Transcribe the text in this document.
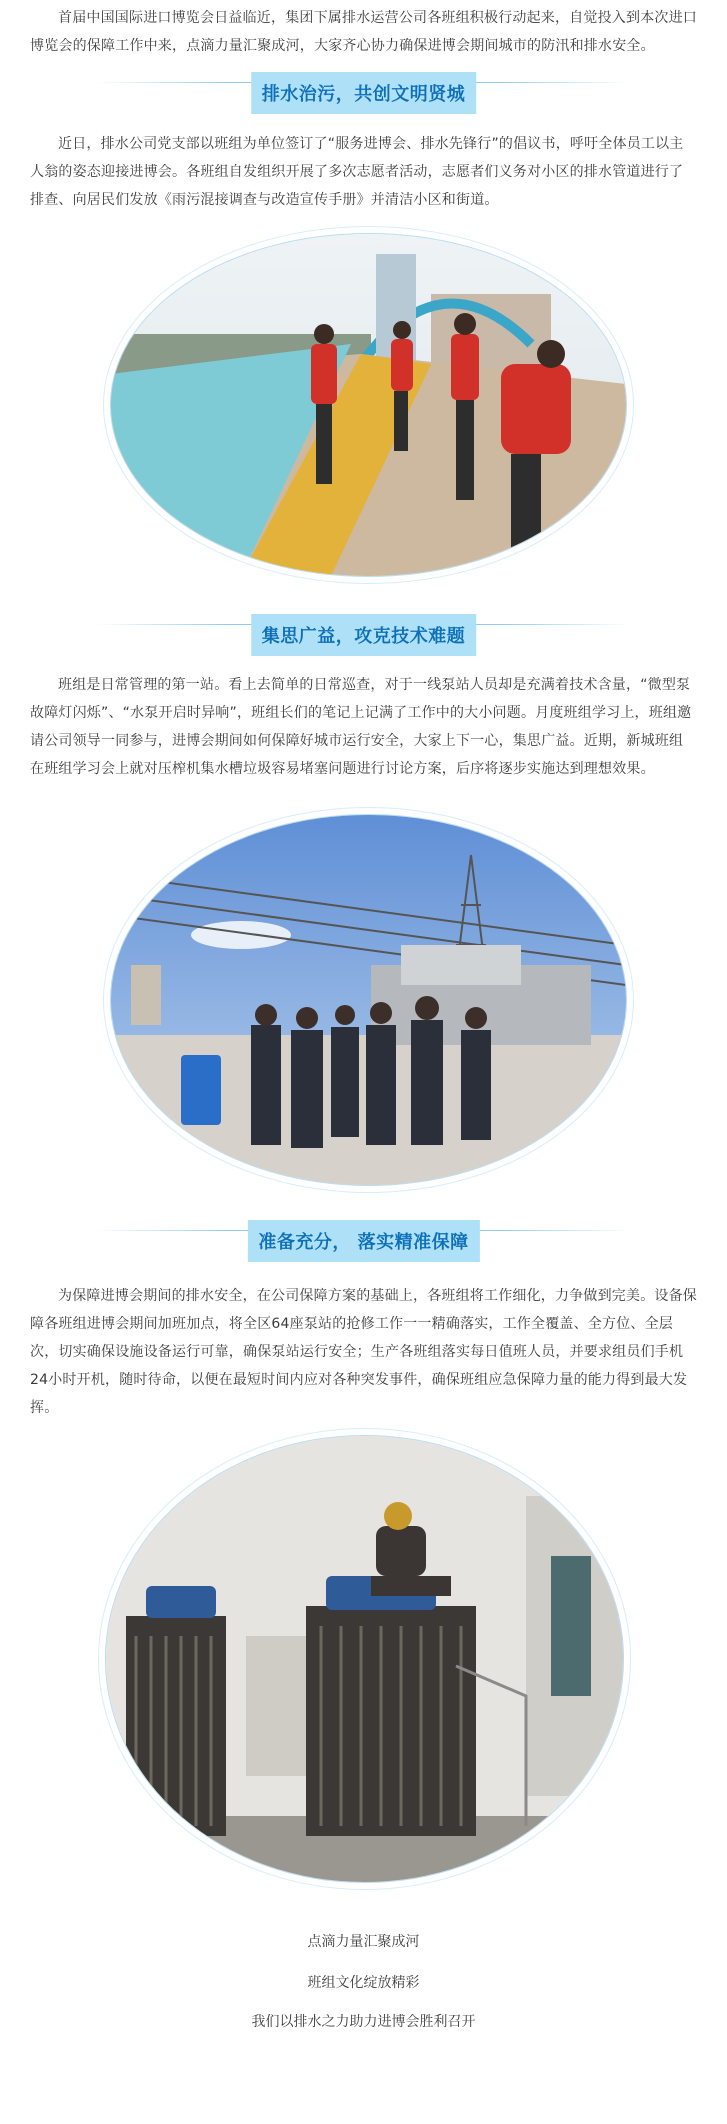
首届中国国际进口博览会日益临近，集团下属排水运营公司各班组积极行动起来，自觉投入到本次进口博览会的保障工作中来，点滴力量汇聚成河，大家齐心协力确保进博会期间城市的防汛和排水安全。

排水治污，共创文明贤城

近日，排水公司党支部以班组为单位签订了“服务进博会、排水先锋行”的倡议书，呼吁全体员工以主人翁的姿态迎接进博会。各班组自发组织开展了多次志愿者活动，志愿者们义务对小区的排水管道进行了排查、向居民们发放《雨污混接调查与改造宣传手册》并清洁小区和街道。

集思广益，攻克技术难题

班组是日常管理的第一站。看上去简单的日常巡查，对于一线泵站人员却是充满着技术含量，“微型泵故障灯闪烁”、“水泵开启时异响”，班组长们的笔记上记满了工作中的大小问题。月度班组学习上，班组邀请公司领导一同参与，进博会期间如何保障好城市运行安全，大家上下一心，集思广益。近期，新城班组在班组学习会上就对压榨机集水槽垃圾容易堵塞问题进行讨论方案，后序将逐步实施达到理想效果。

准备充分， 落实精准保障

为保障进博会期间的排水安全，在公司保障方案的基础上，各班组将工作细化，力争做到完美。设备保障各班组进博会期间加班加点，将全区64座泵站的抢修工作一一精确落实，工作全覆盖、全方位、全层次，切实确保设施设备运行可靠，确保泵站运行安全；生产各班组落实每日值班人员，并要求组员们手机24小时开机，随时待命，以便在最短时间内应对各种突发事件，确保班组应急保障力量的能力得到最大发挥。

点滴力量汇聚成河

班组文化绽放精彩

我们以排水之力助力进博会胜利召开
